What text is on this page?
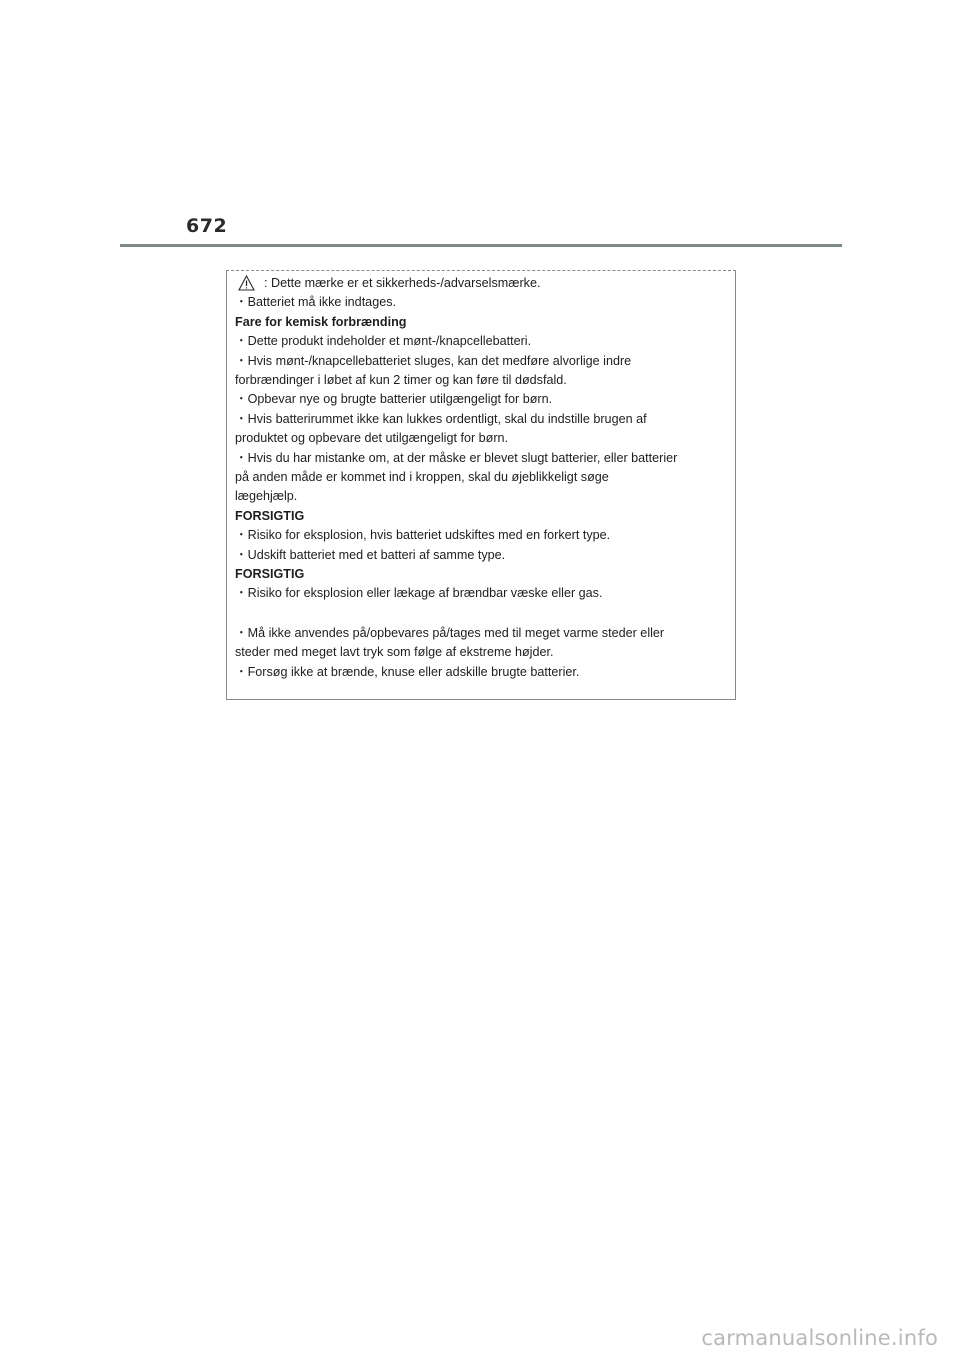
672
: Dette mærke er et sikkerheds-/advarselsmærke.
・Batteriet må ikke indtages.
Fare for kemisk forbrænding
・Dette produkt indeholder et mønt-/knapcellebatteri.
・Hvis mønt-/knapcellebatteriet sluges, kan det medføre alvorlige indre
forbrændinger i løbet af kun 2 timer og kan føre til dødsfald.
・Opbevar nye og brugte batterier utilgængeligt for børn.
・Hvis batterirummet ikke kan lukkes ordentligt, skal du indstille brugen af
produktet og opbevare det utilgængeligt for børn.
・Hvis du har mistanke om, at der måske er blevet slugt batterier, eller batterier
på anden måde er kommet ind i kroppen, skal du øjeblikkeligt søge
lægehjælp.
FORSIGTIG
・Risiko for eksplosion, hvis batteriet udskiftes med en forkert type.
・Udskift batteriet med et batteri af samme type.
FORSIGTIG
・Risiko for eksplosion eller lækage af brændbar væske eller gas.
・Må ikke anvendes på/opbevares på/tages med til meget varme steder eller
steder med meget lavt tryk som følge af ekstreme højder.
・Forsøg ikke at brænde, knuse eller adskille brugte batterier.
carmanualsonline.info
